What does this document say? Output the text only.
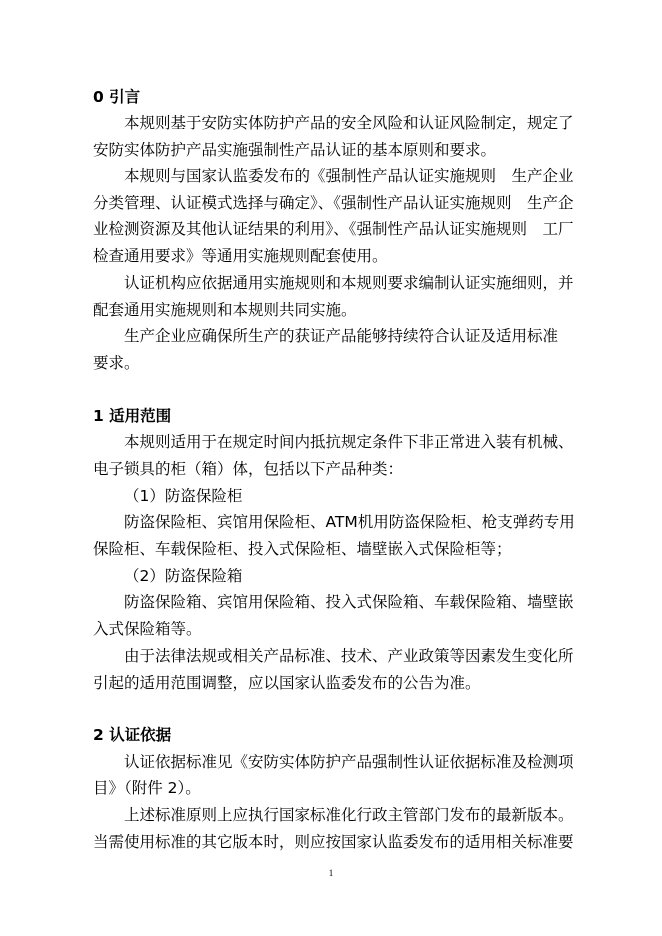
0 引言
本规则基于安防实体防护产品的安全风险和认证风险制定，规定了
安防实体防护产品实施强制性产品认证的基本原则和要求。
本规则与国家认监委发布的《强制性产品认证实施规则　生产企业
分类管理、认证模式选择与确定》、《强制性产品认证实施规则　生产企
业检测资源及其他认证结果的利用》、《强制性产品认证实施规则　工厂
检查通用要求》等通用实施规则配套使用。
认证机构应依据通用实施规则和本规则要求编制认证实施细则，并
配套通用实施规则和本规则共同实施。
生产企业应确保所生产的获证产品能够持续符合认证及适用标准
要求。
1 适用范围
本规则适用于在规定时间内抵抗规定条件下非正常进入装有机械、
电子锁具的柜（箱）体，包括以下产品种类：
（1）防盗保险柜
防盗保险柜、宾馆用保险柜、ATM机用防盗保险柜、枪支弹药专用
保险柜、车载保险柜、投入式保险柜、墙壁嵌入式保险柜等；
（2）防盗保险箱
防盗保险箱、宾馆用保险箱、投入式保险箱、车载保险箱、墙壁嵌
入式保险箱等。
由于法律法规或相关产品标准、技术、产业政策等因素发生变化所
引起的适用范围调整，应以国家认监委发布的公告为准。
2 认证依据
认证依据标准见《安防实体防护产品强制性认证依据标准及检测项
目》（附件 2）。
上述标准原则上应执行国家标准化行政主管部门发布的最新版本。
当需使用标准的其它版本时，则应按国家认监委发布的适用相关标准要
1
